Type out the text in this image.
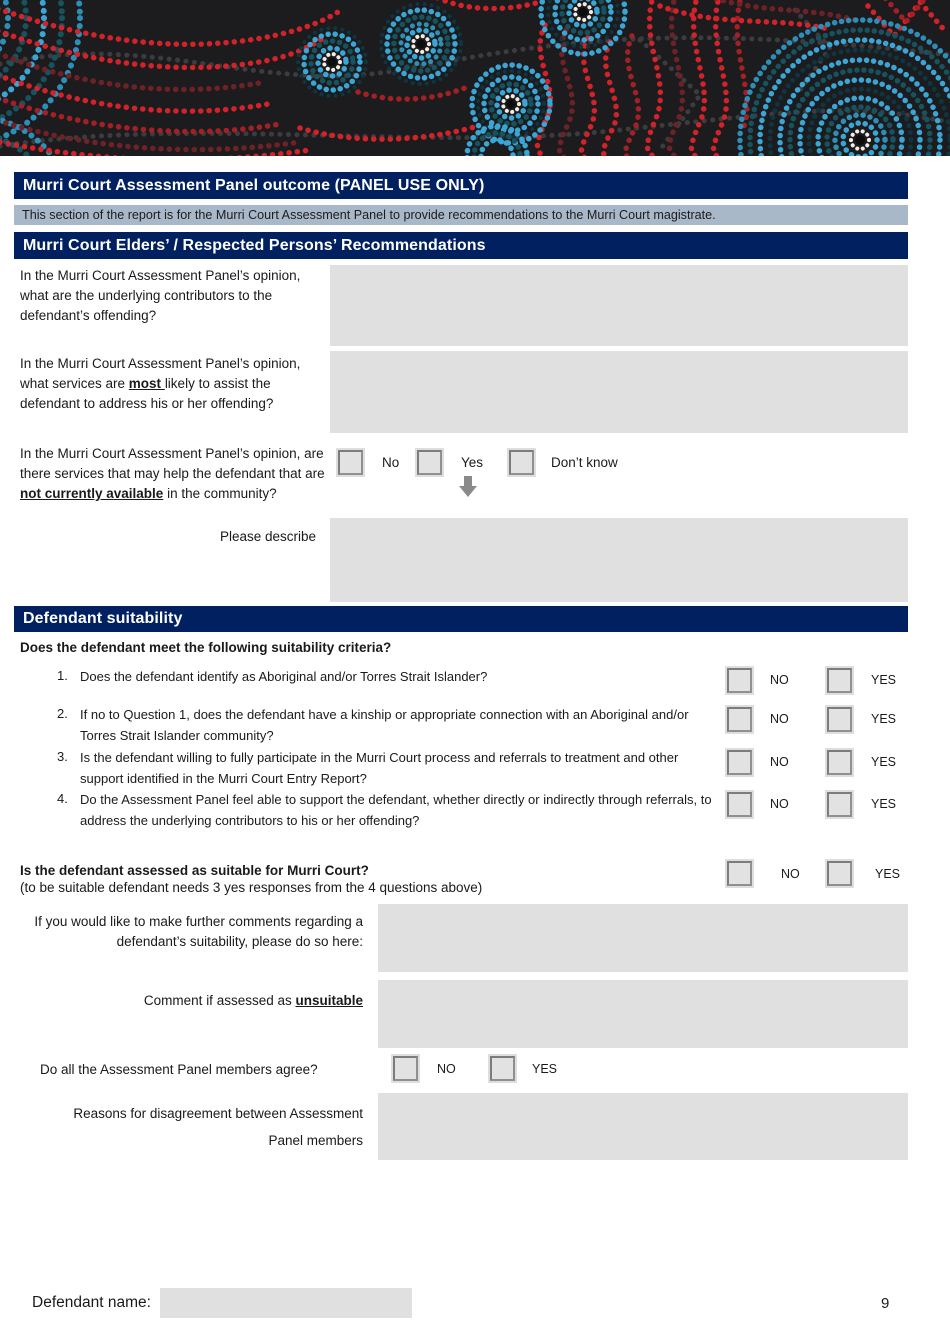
Murri Court Assessment Panel outcome (PANEL USE ONLY)
This section of the report is for the Murri Court Assessment Panel to provide recommendations to the Murri Court magistrate.
Murri Court Elders’ / Respected Persons’ Recommendations
In the Murri Court Assessment Panel’s opinion, what are the underlying contributors to the defendant’s offending?
In the Murri Court Assessment Panel’s opinion, what services are most likely to assist the defendant to address his or her offending?
In the Murri Court Assessment Panel’s opinion, are there services that may help the defendant that are not currently available in the community?
No	Yes	Don’t know
Please describe
Defendant suitability
Does the defendant meet the following suitability criteria?
1. Does the defendant identify as Aboriginal and/or Torres Strait Islander?	NO	YES
2. If no to Question 1, does the defendant have a kinship or appropriate connection with an Aboriginal and/or Torres Strait Islander community?
NO	YES
3. Is the defendant willing to fully participate in the Murri Court process and referrals to treatment and other support identified in the Murri Court Entry Report?
NO	YES
4. Do the Assessment Panel feel able to support the defendant, whether directly or indirectly through referrals, to address the underlying contributors to his or her offending?
NO	YES
Is the defendant assessed as suitable for Murri Court?
(to be suitable defendant needs 3 yes responses from the 4 questions above)
NO	YES
If you would like to make further comments regarding a defendant’s suitability, please do so here:
Comment if assessed as unsuitable
Do all the Assessment Panel members agree?	NO	YES
Reasons for disagreement between Assessment
Panel members
Defendant name:	9
